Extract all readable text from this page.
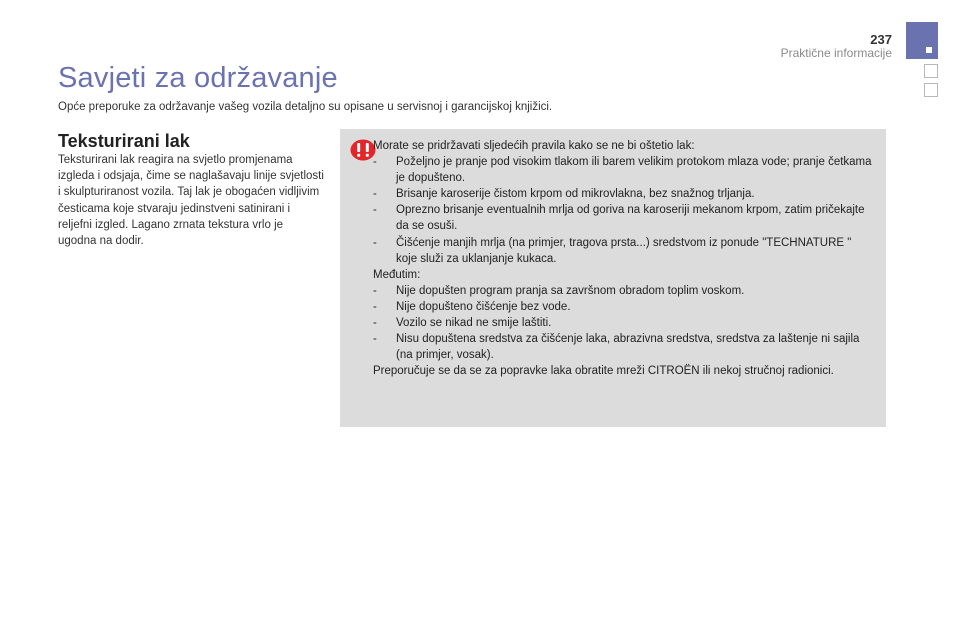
237
Praktične informacije
Savjeti za održavanje

Opće preporuke za održavanje vašeg vozila detaljno su opisane u servisnoj i garancijskoj knjižici.

Teksturirani lak

Teksturirani lak reagira na svjetlo promjenama izgleda i odsjaja, čime se naglašavaju linije svjetlosti i skulpturiranost vozila. Taj lak je obogaćen vidljivim česticama koje stvaraju jedinstveni satinirani i reljefni izgled. Lagano zrnata tekstura vrlo je ugodna na dodir.

Morate se pridržavati sljedećih pravila kako se ne bi oštetio lak:
- Poželjno je pranje pod visokim tlakom ili barem velikim protokom mlaza vode; pranje četkama je dopušteno.
- Brisanje karoserije čistom krpom od mikrovlakna, bez snažnog trljanja.
- Oprezno brisanje eventualnih mrlja od goriva na karoseriji mekanom krpom, zatim pričekajte da se osuši.
- Čišćenje manjih mrlja (na primjer, tragova prsta...) sredstvom iz ponude "TECHNATURE " koje služi za uklanjanje kukaca.
Međutim:
- Nije dopušten program pranja sa završnom obradom toplim voskom.
- Nije dopušteno čišćenje bez vode.
- Vozilo se nikad ne smije laštiti.
- Nisu dopuštena sredstva za čišćenje laka, abrazivna sredstva, sredstva za laštenje ni sajila (na primjer, vosak).
Preporučuje se da se za popravke laka obratite mreži CITROËN ili nekoj stručnoj radionici.
